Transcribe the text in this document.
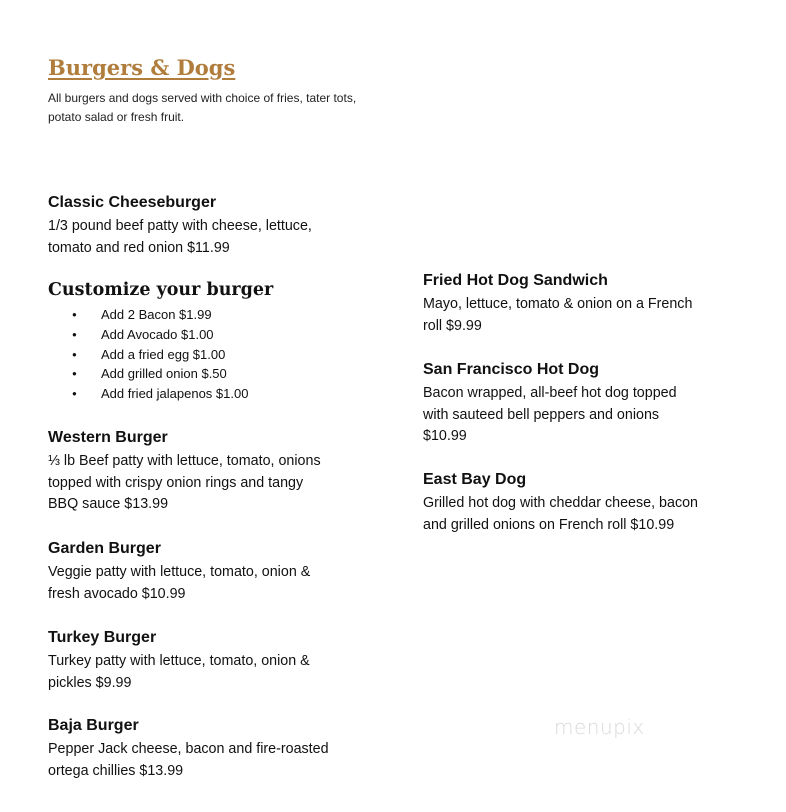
Burgers & Dogs

All burgers and dogs served with choice of fries, tater tots, potato salad or fresh fruit.

Classic Cheeseburger

1/3 pound beef patty with cheese, lettuce,
tomato and red onion $11.99

Customize your burger
● Add 2 Bacon $1.99
● Add Avocado $1.00
● Add a fried egg $1.00
● Add grilled onion $.50
● Add fried jalapenos $1.00

Western Burger

⅓ lb Beef patty with lettuce, tomato, onions
topped with crispy onion rings and tangy
BBQ sauce $13.99

Garden Burger

Veggie patty with lettuce, tomato, onion &
fresh avocado $10.99

Turkey Burger

Turkey patty with lettuce, tomato, onion &
pickles $9.99

Baja Burger

Pepper Jack cheese, bacon and fire-roasted
ortega chillies $13.99

Fried Hot Dog Sandwich

Mayo, lettuce, tomato & onion on a French
roll $9.99

San Francisco Hot Dog

Bacon wrapped, all-beef hot dog topped
with sauteed bell peppers and onions
$10.99

East Bay Dog

Grilled hot dog with cheddar cheese, bacon
and grilled onions on French roll $10.99

menupix
